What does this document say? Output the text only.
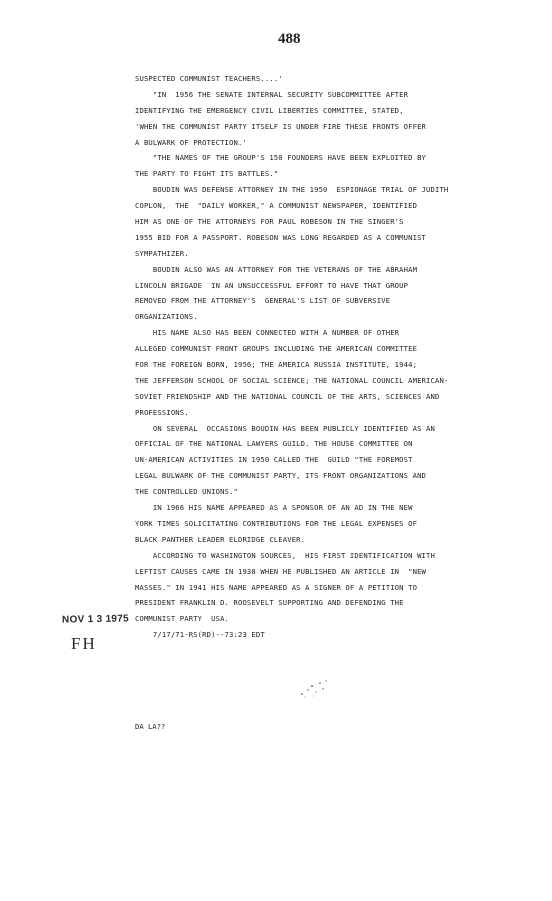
488
SUSPECTED COMMUNIST TEACHERS....'
"IN  1956 THE SENATE INTERNAL SECURITY SUBCOMMITTEE AFTER
IDENTIFYING THE EMERGENCY CIVIL LIBERTIES COMMITTEE, STATED,
'WHEN THE COMMUNIST PARTY ITSELF IS UNDER FIRE THESE FRONTS OFFER
A BULWARK OF PROTECTION.'
"THE NAMES OF THE GROUP'S 150 FOUNDERS HAVE BEEN EXPLOITED BY
THE PARTY TO FIGHT ITS BATTLES."
BOUDIN WAS DEFENSE ATTORNEY IN THE 1950  ESPIONAGE TRIAL OF JUDITH
COPLON,  THE  "DAILY WORKER," A COMMUNIST NEWSPAPER, IDENTIFIED
HIM AS ONE OF THE ATTORNEYS FOR PAUL ROBESON IN THE SINGER'S
1955 BID FOR A PASSPORT. ROBESON WAS LONG REGARDED AS A COMMUNIST
SYMPATHIZER.
BOUDIN ALSO WAS AN ATTORNEY FOR THE VETERANS OF THE ABRAHAM
LINCOLN BRIGADE  IN AN UNSUCCESSFUL EFFORT TO HAVE THAT GROUP
REMOVED FROM THE ATTORNEY'S  GENERAL'S LIST OF SUBVERSIVE
ORGANIZATIONS.
HIS NAME ALSO HAS BEEN CONNECTED WITH A NUMBER OF OTHER
ALLEGED COMMUNIST FRONT GROUPS INCLUDING THE AMERICAN COMMITTEE
FOR THE FOREIGN BORN, 1956; THE AMERICA RUSSIA INSTITUTE, 1944;
THE JEFFERSON SCHOOL OF SOCIAL SCIENCE; THE NATIONAL COUNCIL AMERICAN-
SOVIET FRIENDSHIP AND THE NATIONAL COUNCIL OF THE ARTS, SCIENCES AND
PROFESSIONS.
ON SEVERAL  OCCASIONS BOUDIN HAS BEEN PUBLICLY IDENTIFIED AS AN
OFFICIAL OF THE NATIONAL LAWYERS GUILD. THE HOUSE COMMITTEE ON
UN-AMERICAN ACTIVITIES IN 1950 CALLED THE  GUILD "THE FOREMOST
LEGAL BULWARK OF THE COMMUNIST PARTY, ITS FRONT ORGANIZATIONS AND
THE CONTROLLED UNIONS."
IN 1966 HIS NAME APPEARED AS A SPONSOR OF AN AD IN THE NEW
YORK TIMES SOLICITATING CONTRIBUTIONS FOR THE LEGAL EXPENSES OF
BLACK PANTHER LEADER ELDRIDGE CLEAVER.
ACCORDING TO WASHINGTON SOURCES,  HIS FIRST IDENTIFICATION WITH
LEFTIST CAUSES CAME IN 1938 WHEN HE PUBLISHED AN ARTICLE IN  "NEW
MASSES." IN 1941 HIS NAME APPEARED AS A SIGNER OF A PETITION TO
PRESIDENT FRANKLIN D. ROOSEVELT SUPPORTING AND DEFENDING THE
COMMUNIST PARTY  USA.
7/17/71-RS(RD)--73:23 EDT
NOV 1 3 1975
FH
DA LA??
